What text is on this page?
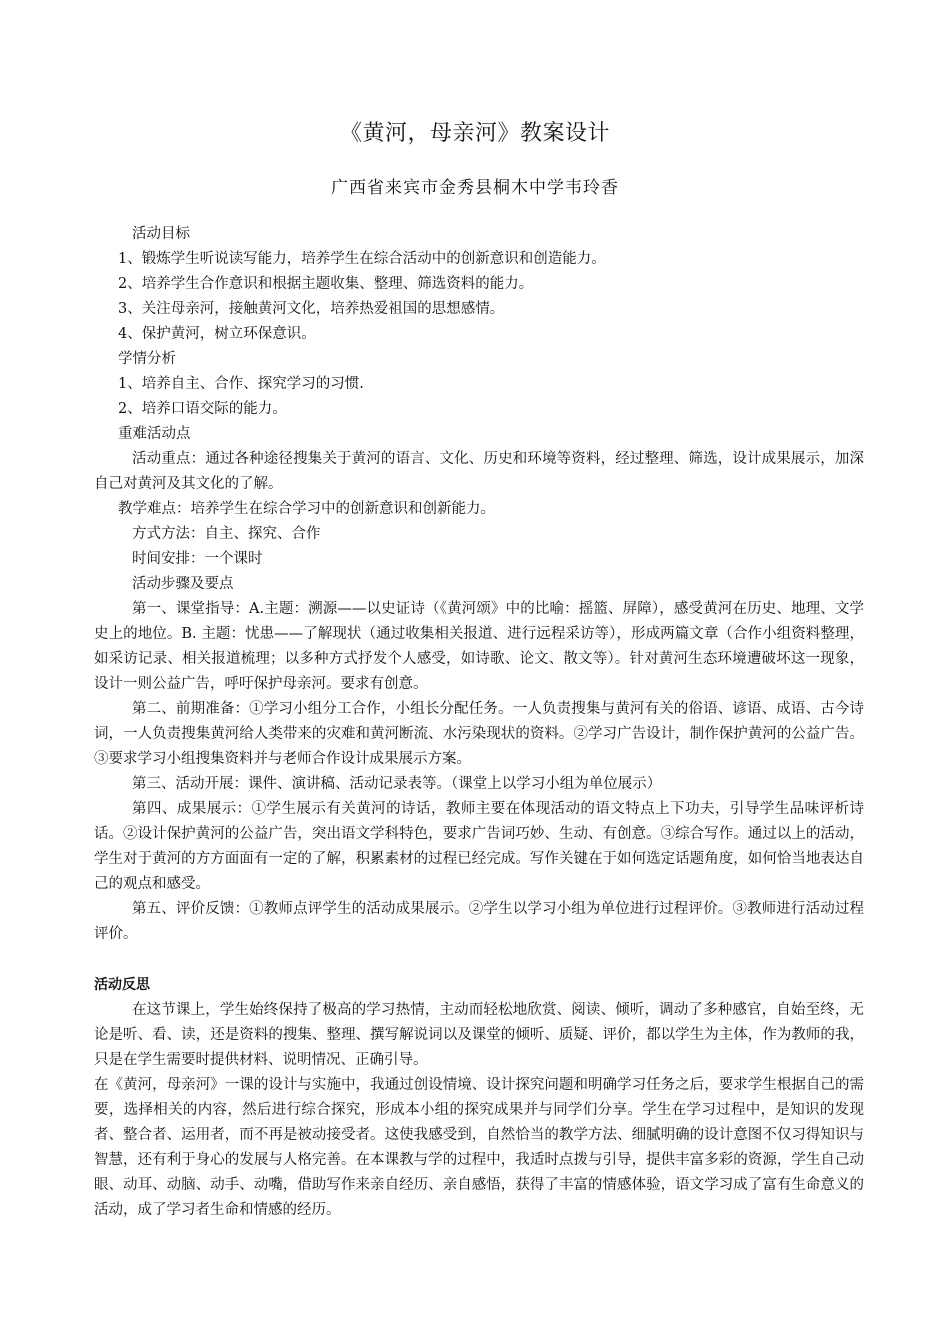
《黄河，母亲河》教案设计
广西省来宾市金秀县桐木中学韦玲香

活动目标

1、锻炼学生听说读写能力，培养学生在综合活动中的创新意识和创造能力。

2、培养学生合作意识和根据主题收集、整理、筛选资料的能力。

3、关注母亲河，接触黄河文化，培养热爱祖国的思想感情。

4、保护黄河，树立环保意识。

学情分析

1、培养自主、合作、探究学习的习惯.

2、培养口语交际的能力。

重难活动点

活动重点：通过各种途径搜集关于黄河的语言、文化、历史和环境等资料，经过整理、筛选，设计成果展示，加深自己对黄河及其文化的了解。

教学难点：培养学生在综合学习中的创新意识和创新能力。

方式方法：自主、探究、合作

时间安排：一个课时

活动步骤及要点

第一、课堂指导：A.主题：溯源——以史证诗（《黄河颂》中的比喻：摇篮、屏障），感受黄河在历史、地理、文学史上的地位。B. 主题：忧患——了解现状（通过收集相关报道、进行远程采访等），形成两篇文章（合作小组资料整理，如采访记录、相关报道梳理；以多种方式抒发个人感受，如诗歌、论文、散文等）。针对黄河生态环境遭破坏这一现象，设计一则公益广告，呼吁保护母亲河。要求有创意。

第二、前期准备：①学习小组分工合作，小组长分配任务。一人负责搜集与黄河有关的俗语、谚语、成语、古今诗词，一人负责搜集黄河给人类带来的灾难和黄河断流、水污染现状的资料。②学习广告设计，制作保护黄河的公益广告。③要求学习小组搜集资料并与老师合作设计成果展示方案。

第三、活动开展：课件、演讲稿、活动记录表等。（课堂上以学习小组为单位展示）

第四、成果展示：①学生展示有关黄河的诗话，教师主要在体现活动的语文特点上下功夫，引导学生品味评析诗话。②设计保护黄河的公益广告，突出语文学科特色，要求广告词巧妙、生动、有创意。③综合写作。通过以上的活动，学生对于黄河的方方面面有一定的了解，积累素材的过程已经完成。写作关键在于如何选定话题角度，如何恰当地表达自己的观点和感受。

第五、评价反馈：①教师点评学生的活动成果展示。②学生以学习小组为单位进行过程评价。③教师进行活动过程评价。

活动反思

在这节课上，学生始终保持了极高的学习热情，主动而轻松地欣赏、阅读、倾听，调动了多种感官，自始至终，无论是听、看、读，还是资料的搜集、整理、撰写解说词以及课堂的倾听、质疑、评价，都以学生为主体，作为教师的我，只是在学生需要时提供材料、说明情况、正确引导。

在《黄河，母亲河》一课的设计与实施中，我通过创设情境、设计探究问题和明确学习任务之后，要求学生根据自己的需要，选择相关的内容，然后进行综合探究，形成本小组的探究成果并与同学们分享。学生在学习过程中，是知识的发现者、整合者、运用者，而不再是被动接受者。这使我感受到，自然恰当的教学方法、细腻明确的设计意图不仅习得知识与智慧，还有利于身心的发展与人格完善。在本课教与学的过程中，我适时点拨与引导，提供丰富多彩的资源，学生自己动眼、动耳、动脑、动手、动嘴，借助写作来亲自经历、亲自感悟，获得了丰富的情感体验，语文学习成了富有生命意义的活动，成了学习者生命和情感的经历。
